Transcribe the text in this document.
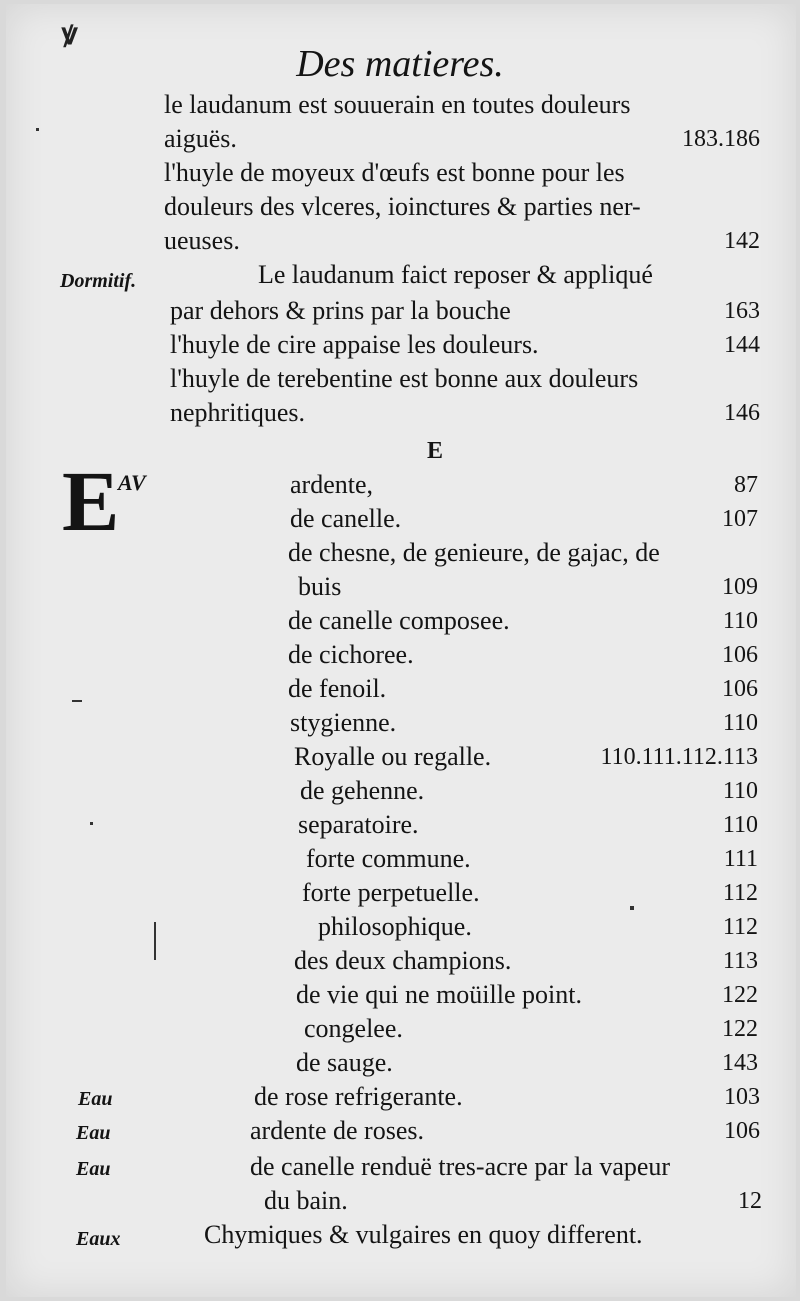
ꝟ
Des matieres.
le laudanum est souuerain en toutes douleurs
aiguës.	183.186
l'huyle de moyeux d'œufs est bonne pour les
douleurs des vlceres, ioinctures & parties ner-
ueuses.	142
Dormitif.	Le laudanum faict reposer & appliqué
par dehors & prins par la bouche	163
l'huyle de cire appaise les douleurs.	144
l'huyle de terebentine est bonne aux douleurs
nephritiques.	146
E
E
AV	ardente,	87
de canelle.	107
de chesne, de genieure, de gajac, de
buis	109
de canelle composee.	110
de cichoree.	106
de fenoil.	106
stygienne.	110
Royalle ou regalle.	110.111.112.113
de gehenne.	110
separatoire.	110
forte commune.	111
forte perpetuelle.	112
philosophique.	112
des deux champions.	113
de vie qui ne moüille point.	122
congelee.	122
de sauge.	143
Eau	de rose refrigerante.	103
Eau	ardente de roses.	106
Eau	de canelle renduë tres-acre par la vapeur
du bain.	12
Eaux	Chymiques & vulgaires en quoy different.
